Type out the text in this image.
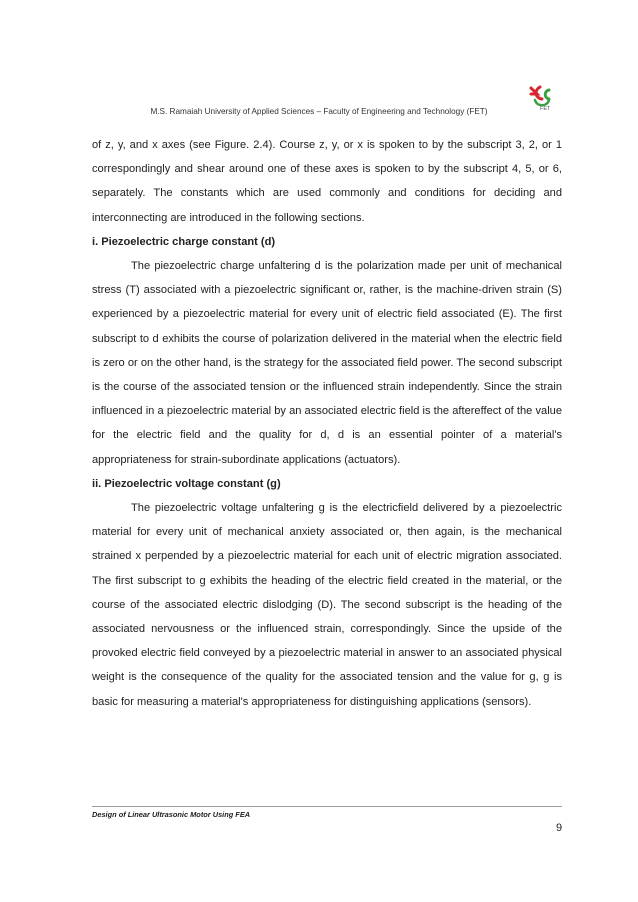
FET
M.S. Ramaiah University of Applied Sciences – Faculty of Engineering and Technology (FET)

of z, y, and x axes (see Figure. 2.4). Course z, y, or x is spoken to by the subscript 3, 2, or 1 correspondingly and shear around one of these axes is spoken to by the subscript 4, 5, or 6, separately. The constants which are used commonly and conditions for deciding and interconnecting are introduced in the following sections.

i. Piezoelectric charge constant (d)

The piezoelectric charge unfaltering d is the polarization made per unit of mechanical stress (T) associated with a piezoelectric significant or, rather, is the machine-driven strain (S) experienced by a piezoelectric material for every unit of electric field associated (E). The first subscript to d exhibits the course of polarization delivered in the material when the electric field is zero or on the other hand, is the strategy for the associated field power. The second subscript is the course of the associated tension or the influenced strain independently. Since the strain influenced in a piezoelectric material by an associated electric field is the aftereffect of the value for the electric field and the quality for d, d is an essential pointer of a material's appropriateness for strain-subordinate applications (actuators).

ii. Piezoelectric voltage constant (g)

The piezoelectric voltage unfaltering g is the electricfield delivered by a piezoelectric material for every unit of mechanical anxiety associated or, then again, is the mechanical strained x perpended by a piezoelectric material for each unit of electric migration associated. The first subscript to g exhibits the heading of the electric field created in the material, or the course of the associated electric dislodging (D). The second subscript is the heading of the associated nervousness or the influenced strain, correspondingly. Since the upside of the provoked electric field conveyed by a piezoelectric material in answer to an associated physical weight is the consequence of the quality for the associated tension and the value for g, g is basic for measuring a material's appropriateness for distinguishing applications (sensors).

Design of Linear Ultrasonic Motor Using FEA
9
